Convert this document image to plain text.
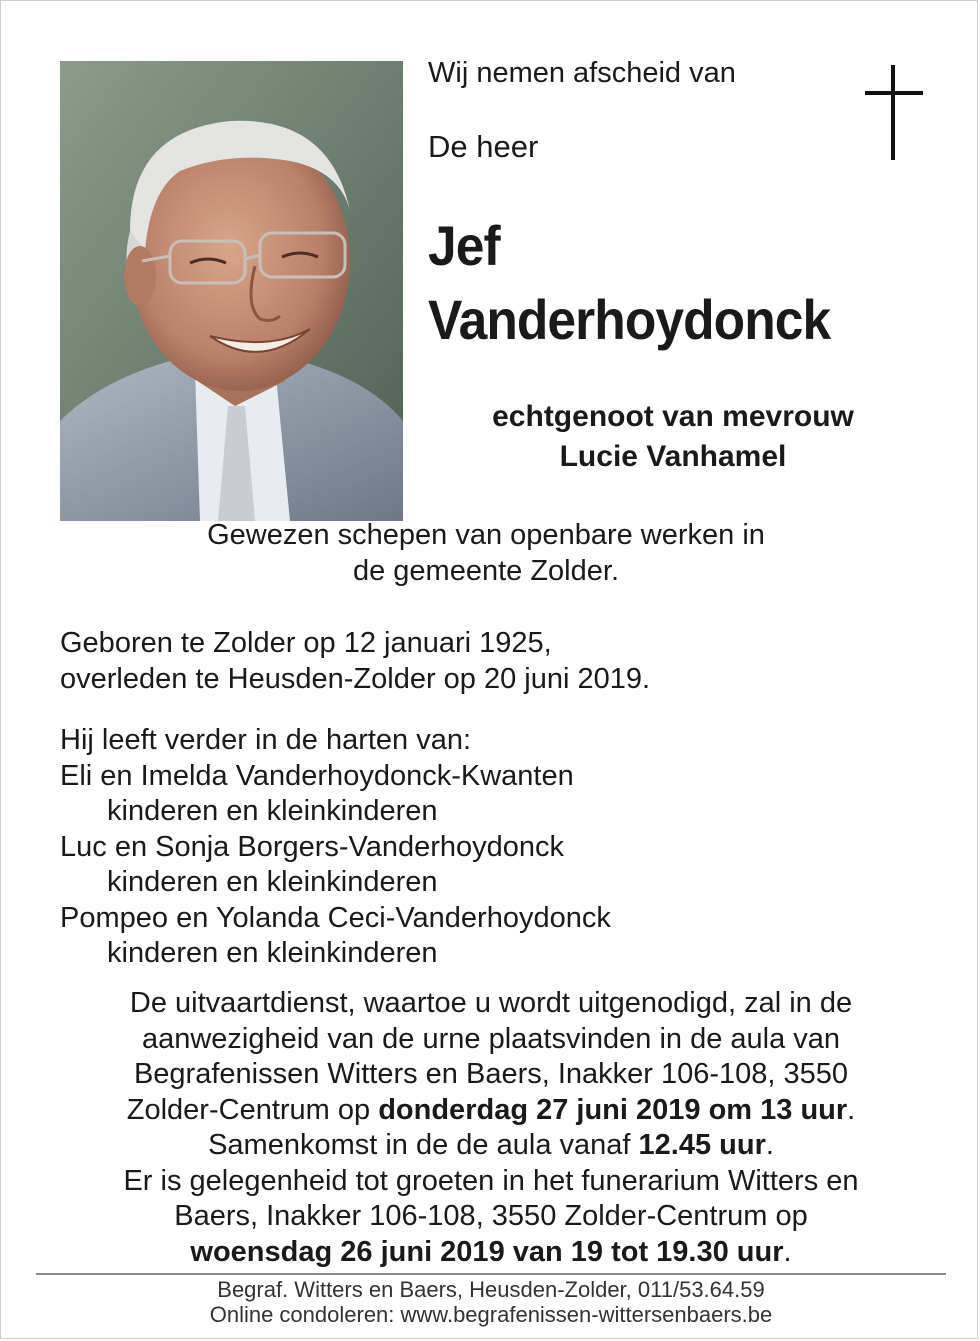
Wij nemen afscheid van
De heer
Jef
Vanderhoydonck
echtgenoot van mevrouw
Lucie Vanhamel
Gewezen schepen van openbare werken in
de gemeente Zolder.
Geboren te Zolder op 12 januari 1925,
overleden te Heusden-Zolder op 20 juni 2019.
Hij leeft verder in de harten van:
Eli en Imelda Vanderhoydonck-Kwanten
kinderen en kleinkinderen
Luc en Sonja Borgers-Vanderhoydonck
kinderen en kleinkinderen
Pompeo en Yolanda Ceci-Vanderhoydonck
kinderen en kleinkinderen
De uitvaartdienst, waartoe u wordt uitgenodigd, zal in de
aanwezigheid van de urne plaatsvinden in de aula van
Begrafenissen Witters en Baers, Inakker 106-108, 3550
Zolder-Centrum op donderdag 27 juni 2019 om 13 uur.
Samenkomst in de de aula vanaf 12.45 uur.
Er is gelegenheid tot groeten in het funerarium Witters en
Baers, Inakker 106-108, 3550 Zolder-Centrum op
woensdag 26 juni 2019 van 19 tot 19.30 uur.
Begraf. Witters en Baers, Heusden-Zolder, 011/53.64.59
Online condoleren: www.begrafenissen-wittersenbaers.be
